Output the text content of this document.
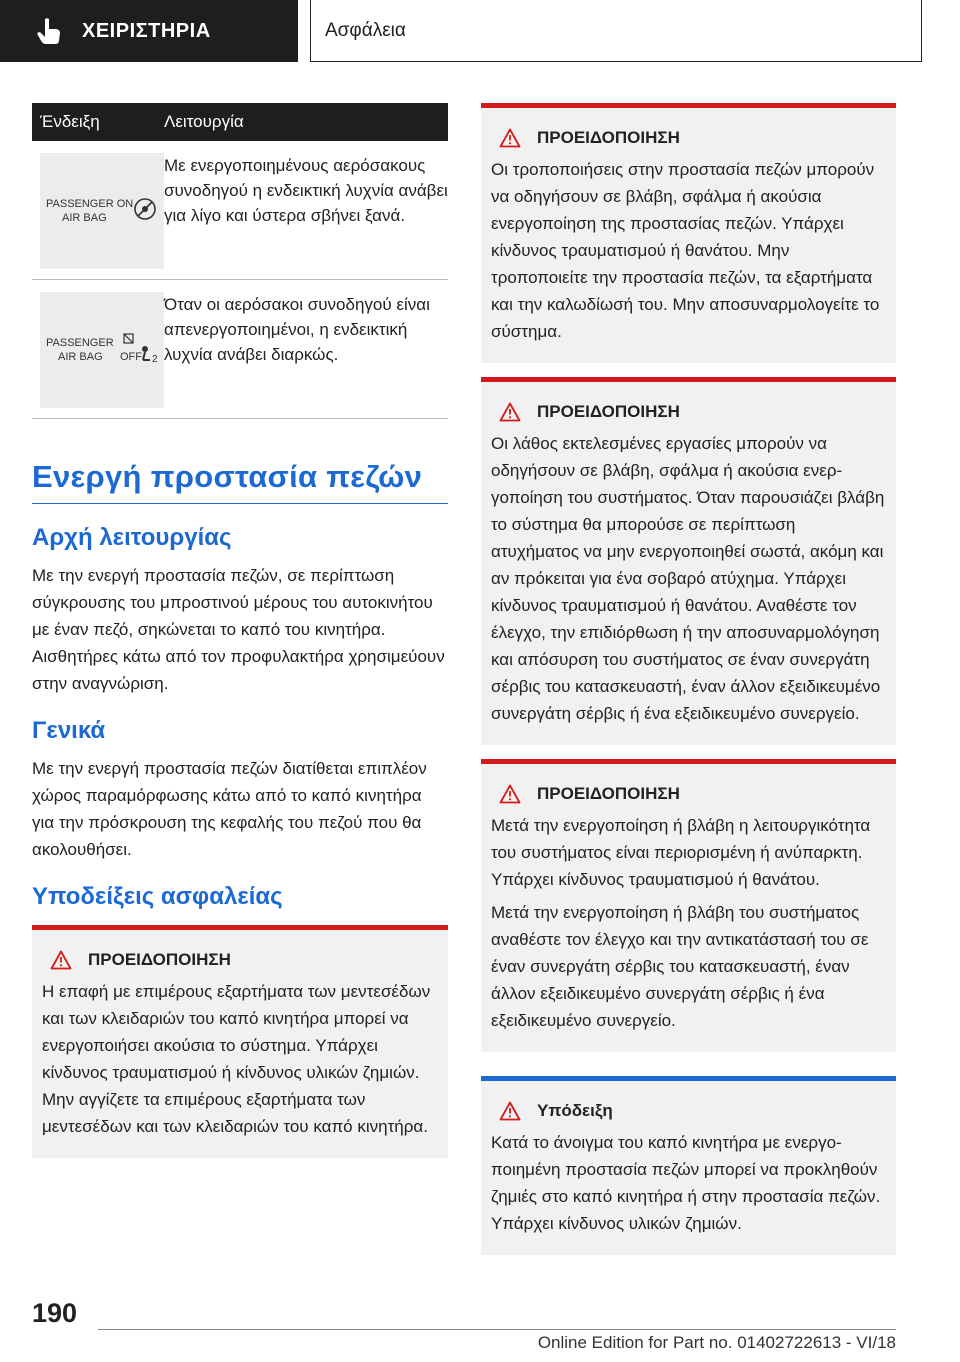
ΧΕΙΡΙΣΤΗΡΙΑ	Ασφάλεια
Ένδειξη	Λειτουργία
PASSENGER ON
AIR BAG
Με ενεργοποιημένους αερόσακους συνοδηγού η ενδεικτική λυχνία ανάβει για λίγο και ύστερα σβήνει ξανά.
PASSENGER
AIR BAG OFF 2
Όταν οι αερόσακοι συνοδηγού είναι απενεργοποιημένοι, η ενδεικτική λυχνία ανάβει διαρκώς.
Ενεργή προστασία πεζών
Αρχή λειτουργίας

Με την ενεργή προστασία πεζών, σε περίπτωση σύγκρουσης του μπροστινού μέρους του αυτοκινήτου με έναν πεζό, σηκώνεται το καπό του κινητήρα. Αισθητήρες κάτω από τον προφυλακτήρα χρησιμεύουν στην αναγνώριση.

Γενικά

Με την ενεργή προστασία πεζών διατίθεται επιπλέον χώρος παραμόρφωσης κάτω από το καπό κινητήρα για την πρόσκρουση της κεφαλής του πεζού που θα ακολουθήσει.

Υποδείξεις ασφαλείας
ΠΡΟΕΙΔΟΠΟΙΗΣΗ
Η επαφή με επιμέρους εξαρτήματα των μεντεσέδων και των κλειδαριών του καπό κινητήρα μπορεί να ενεργοποιήσει ακούσια το σύστημα. Υπάρχει κίνδυνος τραυματισμού ή κίνδυνος υλικών ζημιών. Μην αγγίζετε τα επιμέρους εξαρτήματα των μεντεσέδων και των κλειδαριών του καπό κινητήρα.
ΠΡΟΕΙΔΟΠΟΙΗΣΗ
Οι τροποποιήσεις στην προστασία πεζών μπορούν να οδηγήσουν σε βλάβη, σφάλμα ή ακούσια ενεργοποίηση της προστασίας πεζών. Υπάρχει κίνδυνος τραυματισμού ή θανάτου. Μην τροποποιείτε την προστασία πεζών, τα εξαρτήματα και την καλωδίωσή του. Μην αποσυναρμολογείτε το σύστημα.
ΠΡΟΕΙΔΟΠΟΙΗΣΗ
Οι λάθος εκτελεσμένες εργασίες μπορούν να οδηγήσουν σε βλάβη, σφάλμα ή ακούσια ενεργοποίηση του συστήματος. Όταν παρουσιάζει βλάβη το σύστημα θα μπορούσε σε περίπτωση ατυχήματος να μην ενεργοποιηθεί σωστά, ακόμη και αν πρόκειται για ένα σοβαρό ατύχημα. Υπάρχει κίνδυνος τραυματισμού ή θανάτου. Αναθέστε τον έλεγχο, την επιδιόρθωση ή την αποσυναρμολόγηση και απόσυρση του συστήματος σε έναν συνεργάτη σέρβις του κατασκευαστή, έναν άλλον εξειδικευμένο συνεργάτη σέρβις ή ένα εξειδικευμένο συνεργείο.
ΠΡΟΕΙΔΟΠΟΙΗΣΗ
Μετά την ενεργοποίηση ή βλάβη η λειτουργικότητα του συστήματος είναι περιορισμένη ή ανύπαρκτη. Υπάρχει κίνδυνος τραυματισμού ή θανάτου.
Μετά την ενεργοποίηση ή βλάβη του συστήματος αναθέστε τον έλεγχο και την αντικατάστασή του σε έναν συνεργάτη σέρβις του κατασκευαστή, έναν άλλον εξειδικευμένο συνεργάτη σέρβις ή ένα εξειδικευμένο συνεργείο.
Υπόδειξη
Κατά το άνοιγμα του καπό κινητήρα με ενεργοποιημένη προστασία πεζών μπορεί να προκληθούν ζημιές στο καπό κινητήρα ή στην προστασία πεζών. Υπάρχει κίνδυνος υλικών ζημιών.
190
Online Edition for Part no. 01402722613 - VI/18
